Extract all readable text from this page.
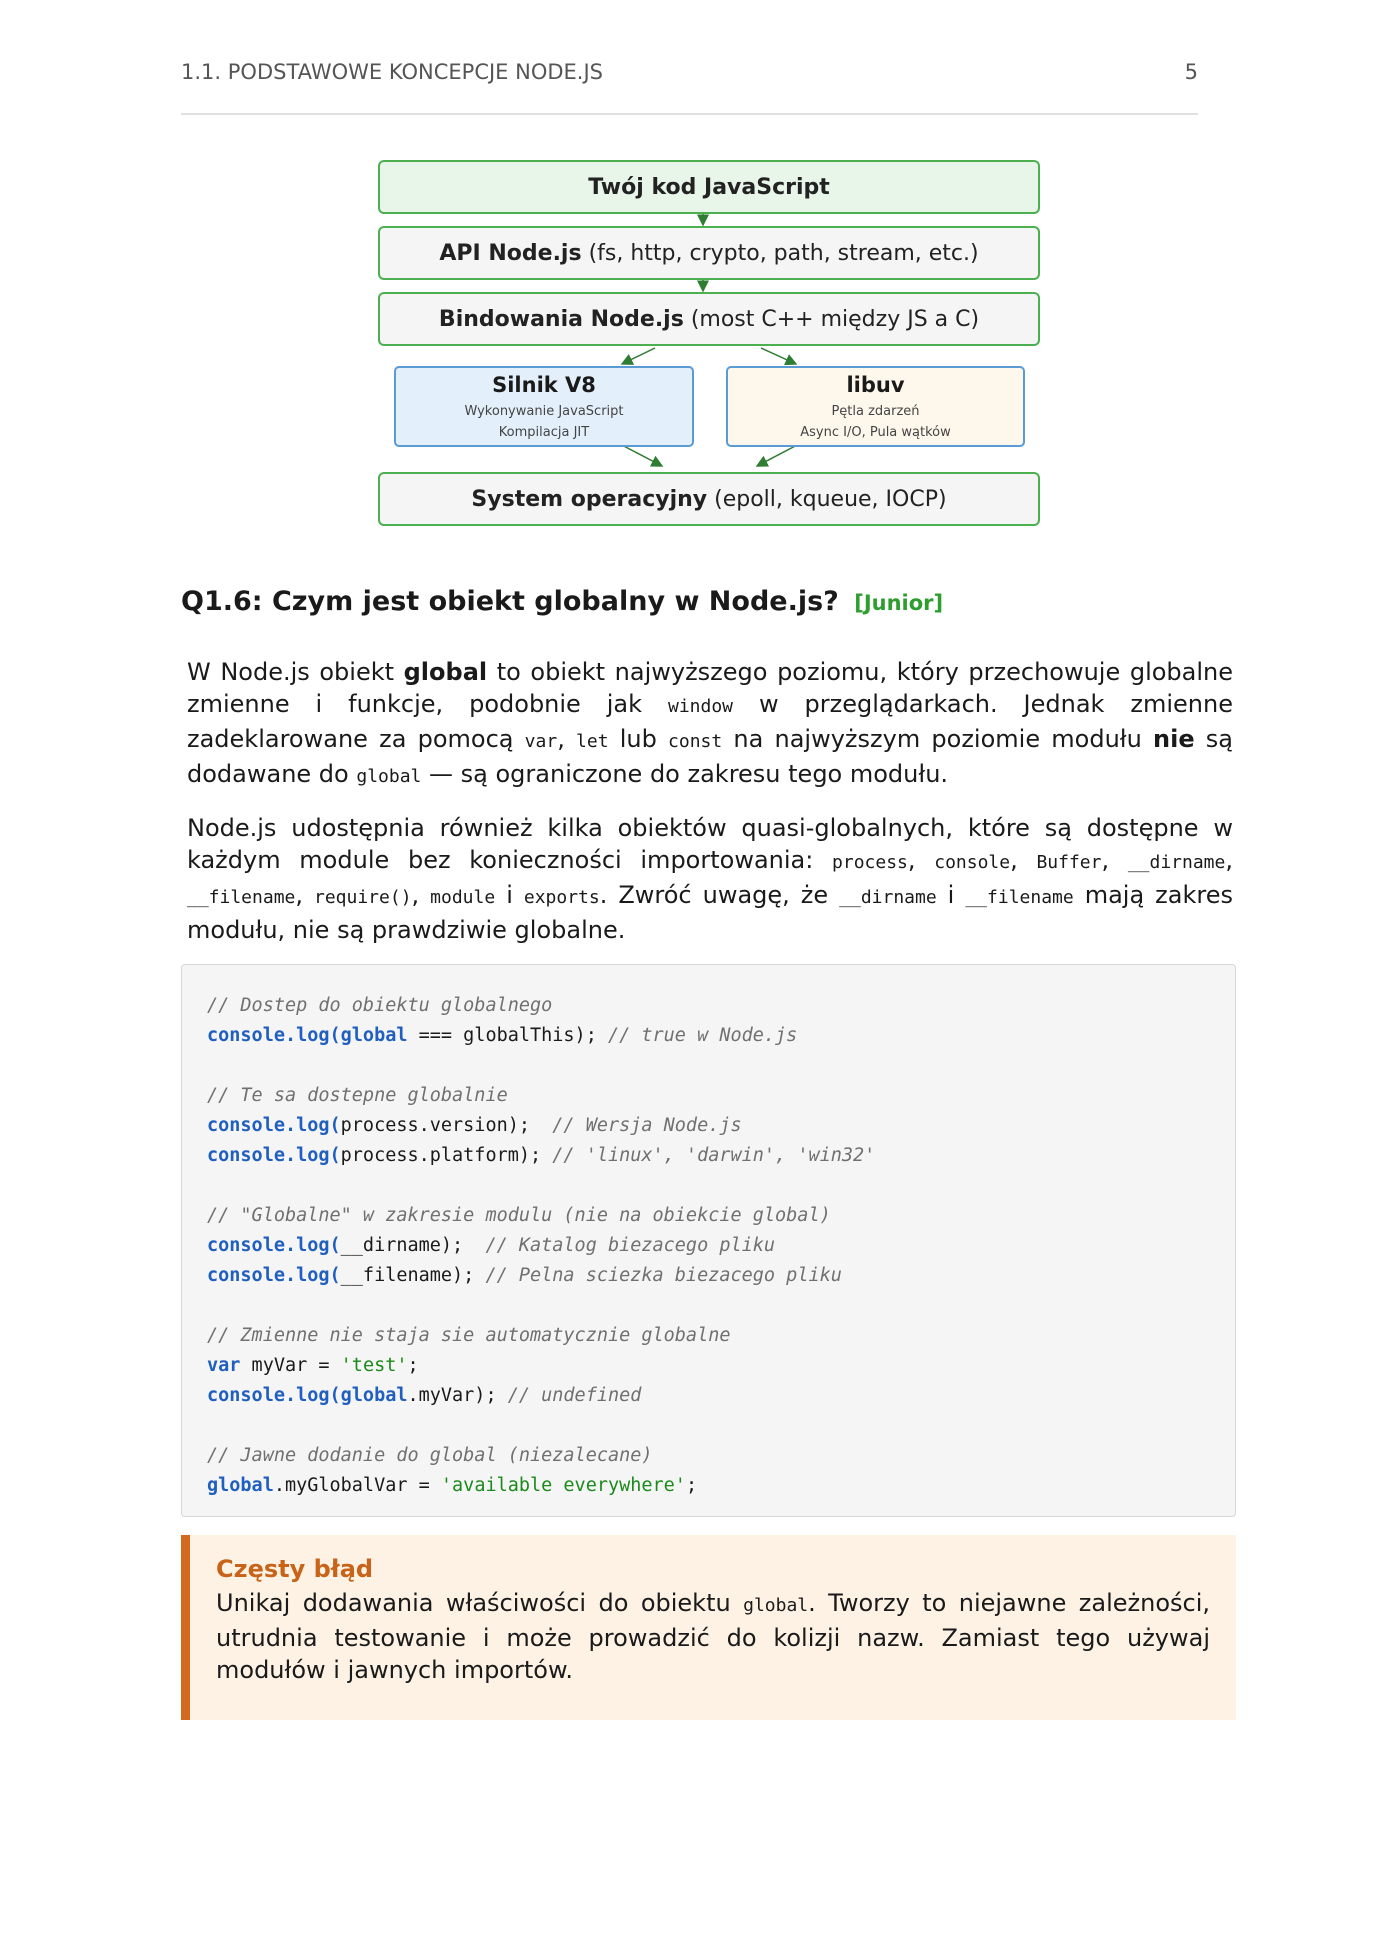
1.1. PODSTAWOWE KONCEPCJE NODE.JS	5
Twój kod JavaScript
API Node.js (fs, http, crypto, path, stream, etc.)
Bindowania Node.js (most C++ między JS a C)
Silnik V8
Wykonywanie JavaScript
Kompilacja JIT
libuv
Pętla zdarzeń
Async I/O, Pula wątków
System operacyjny (epoll, kqueue, IOCP)
Q1.6: Czym jest obiekt globalny w Node.js? [Junior]

W Node.js obiekt global to obiekt najwyższego poziomu, który przechowuje globalne zmienne i funkcje, podobnie jak window w przeglądarkach. Jednak zmienne zadeklarowane za pomocą var, let lub const na najwyższym poziomie modułu nie są dodawane do global — są ograniczone do zakresu tego modułu.

Node.js udostępnia również kilka obiektów quasi-globalnych, które są dostępne w każdym module bez konieczności importowania: process, console, Buffer, __dirname, __filename, require(), module i exports. Zwróć uwagę, że __dirname i __filename mają zakres modułu, nie są prawdziwie globalne.

// Dostep do obiektu globalnego
console.log(global === globalThis); // true w Node.js

// Te sa dostepne globalnie
console.log(process.version);  // Wersja Node.js
console.log(process.platform); // 'linux', 'darwin', 'win32'

// "Globalne" w zakresie modulu (nie na obiekcie global)
console.log(__dirname);  // Katalog biezacego pliku
console.log(__filename); // Pelna sciezka biezacego pliku

// Zmienne nie staja sie automatycznie globalne
var myVar = 'test';
console.log(global.myVar); // undefined

// Jawne dodanie do global (niezalecane)
global.myGlobalVar = 'available everywhere';
Częsty błąd
Unikaj dodawania właściwości do obiektu global. Tworzy to niejawne zależności, utrudnia testowanie i może prowadzić do kolizji nazw. Zamiast tego używaj modułów i jawnych importów.
